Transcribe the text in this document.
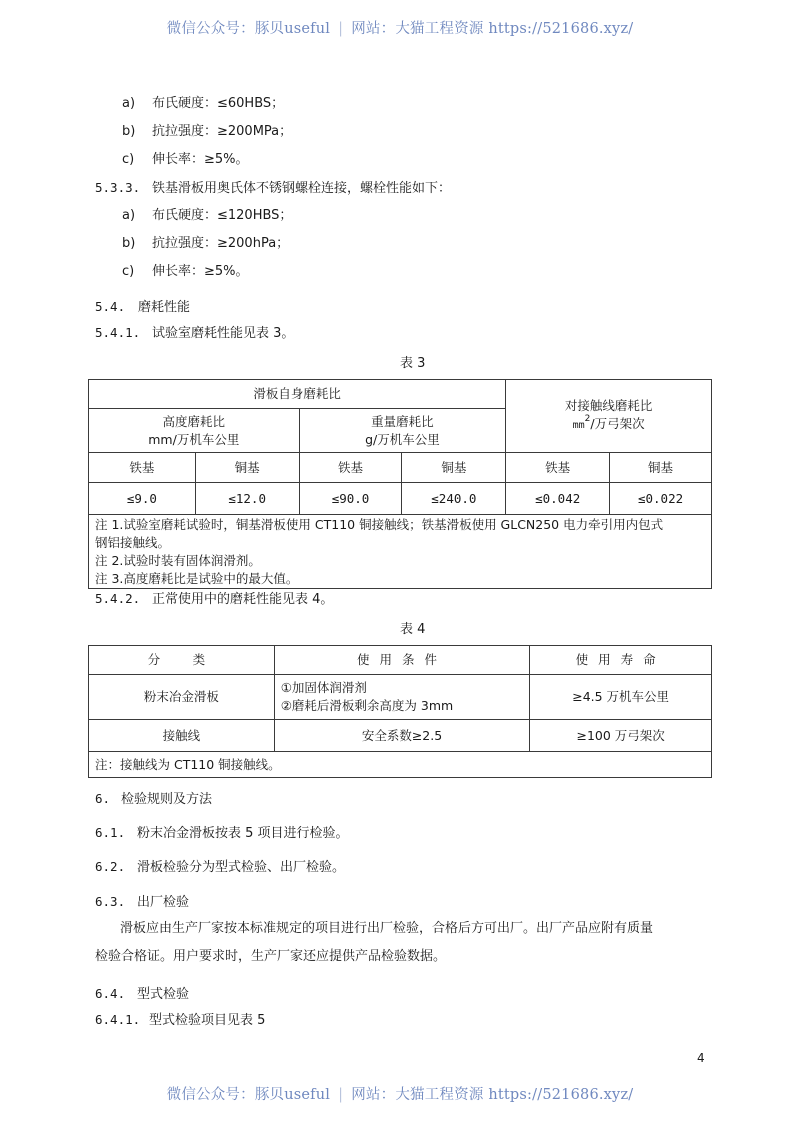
微信公众号：豚贝useful | 网站：大猫工程资源 https://521686.xyz/
a) 布氏硬度：≤60HBS；
b) 抗拉强度：≥200MPa；
c) 伸长率：≥5%。
5.3.3. 铁基滑板用奥氏体不锈钢螺栓连接，螺栓性能如下：
a) 布氏硬度：≤120HBS；
b) 抗拉强度：≥200hPa；
c) 伸长率：≥5%。
5.4. 磨耗性能
5.4.1. 试验室磨耗性能见表 3。
表 3
滑板自身磨耗比				对接触线磨耗比
$mm^2/$万弓架次	

高度磨耗比
mm/万机车公里

重量磨耗比
g/万机车公里

铁基	铜基	铁基	铜基	铁基	铜基
≤9.0	≤12.0	≤90.0	≤240.0	≤0.042	≤0.022

注 1.试验室磨耗试验时，铜基滑板使用 CT110 铜接触线；铁基滑板使用 GLCN250 电力牵引用内包式
钢铝接触线。
注 2.试验时装有固体润滑剂。
注 3.高度磨耗比是试验中的最大值。					
5.4.2. 正常使用中的磨耗性能见表 4。
表 4
分　类	使用条件	使用寿命
粉末冶金滑板	①加固体润滑剂
②磨耗后滑板剩余高度为 3mm	≥4.5 万机车公里
接触线	安全系数≥2.5	≥100 万弓架次
注：接触线为 CT110 铜接触线。		
6. 检验规则及方法
6.1. 粉末冶金滑板按表 5 项目进行检验。
6.2. 滑板检验分为型式检验、出厂检验。
6.3. 出厂检验
滑板应由生产厂家按本标准规定的项目进行出厂检验，合格后方可出厂。出厂产品应附有质量
检验合格证。用户要求时，生产厂家还应提供产品检验数据。
6.4. 型式检验
6.4.1. 型式检验项目见表 5
4
微信公众号：豚贝useful | 网站：大猫工程资源 https://521686.xyz/
